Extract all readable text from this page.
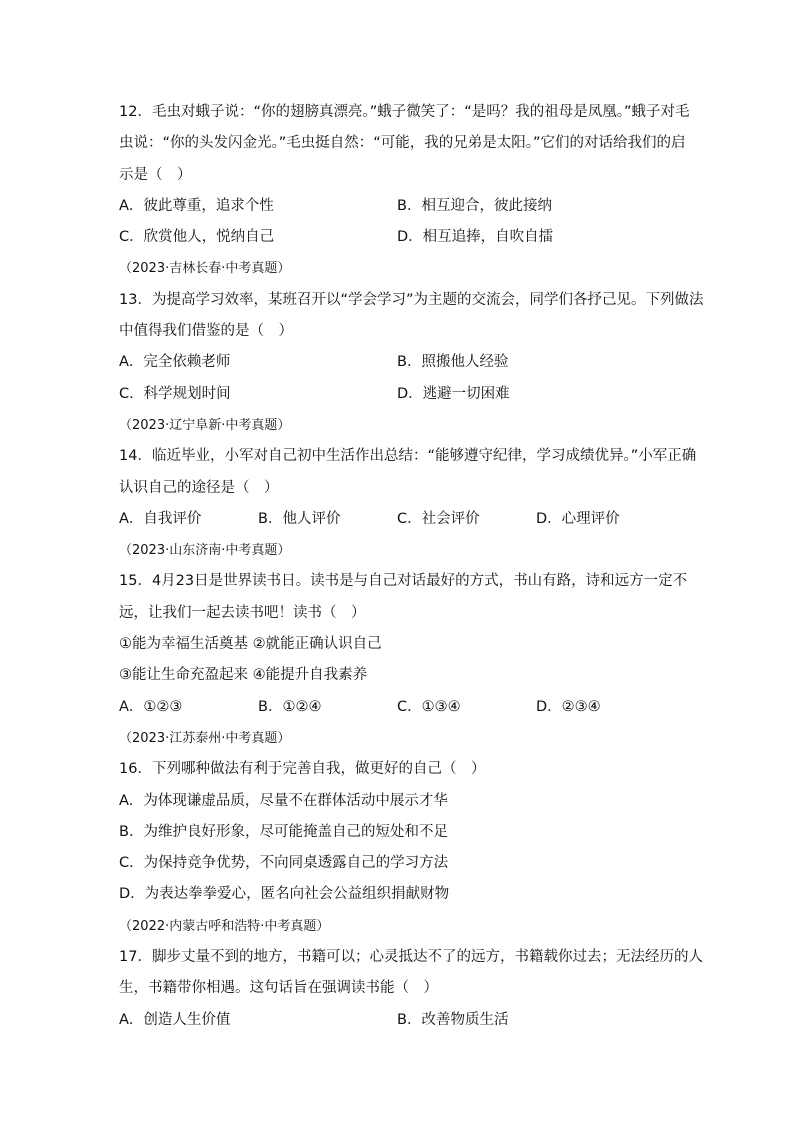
12．毛虫对蛾子说：“你的翅膀真漂亮。”蛾子微笑了：“是吗？我的祖母是凤凰。”蛾子对毛
虫说：“你的头发闪金光。”毛虫挺自然：“可能，我的兄弟是太阳。”它们的对话给我们的启
示是（　）
A．彼此尊重，追求个性	B．相互迎合，彼此接纳
C．欣赏他人，悦纳自己	D．相互追捧，自吹自擂
（2023·吉林长春·中考真题）
13．为提高学习效率，某班召开以“学会学习”为主题的交流会，同学们各抒己见。下列做法
中值得我们借鉴的是（　）
A．完全依赖老师	B．照搬他人经验
C．科学规划时间	D．逃避一切困难
（2023·辽宁阜新·中考真题）
14．临近毕业，小军对自己初中生活作出总结：“能够遵守纪律，学习成绩优异。”小军正确
认识自己的途径是（　）
A．自我评价	B．他人评价	C．社会评价	D．心理评价
（2023·山东济南·中考真题）
15．4月23日是世界读书日。读书是与自己对话最好的方式，书山有路，诗和远方一定不
远，让我们一起去读书吧！读书（　）
①能为幸福生活奠基 ②就能正确认识自己
③能让生命充盈起来 ④能提升自我素养
A．①②③	B．①②④	C．①③④	D．②③④
（2023·江苏泰州·中考真题）
16．下列哪种做法有利于完善自我，做更好的自己（　）
A．为体现谦虚品质，尽量不在群体活动中展示才华
B．为维护良好形象，尽可能掩盖自己的短处和不足
C．为保持竞争优势，不向同桌透露自己的学习方法
D．为表达拳拳爱心，匿名向社会公益组织捐献财物
（2022·内蒙古呼和浩特·中考真题）
17．脚步丈量不到的地方，书籍可以；心灵抵达不了的远方，书籍载你过去；无法经历的人
生，书籍带你相遇。这句话旨在强调读书能（　）
A．创造人生价值	B．改善物质生活
